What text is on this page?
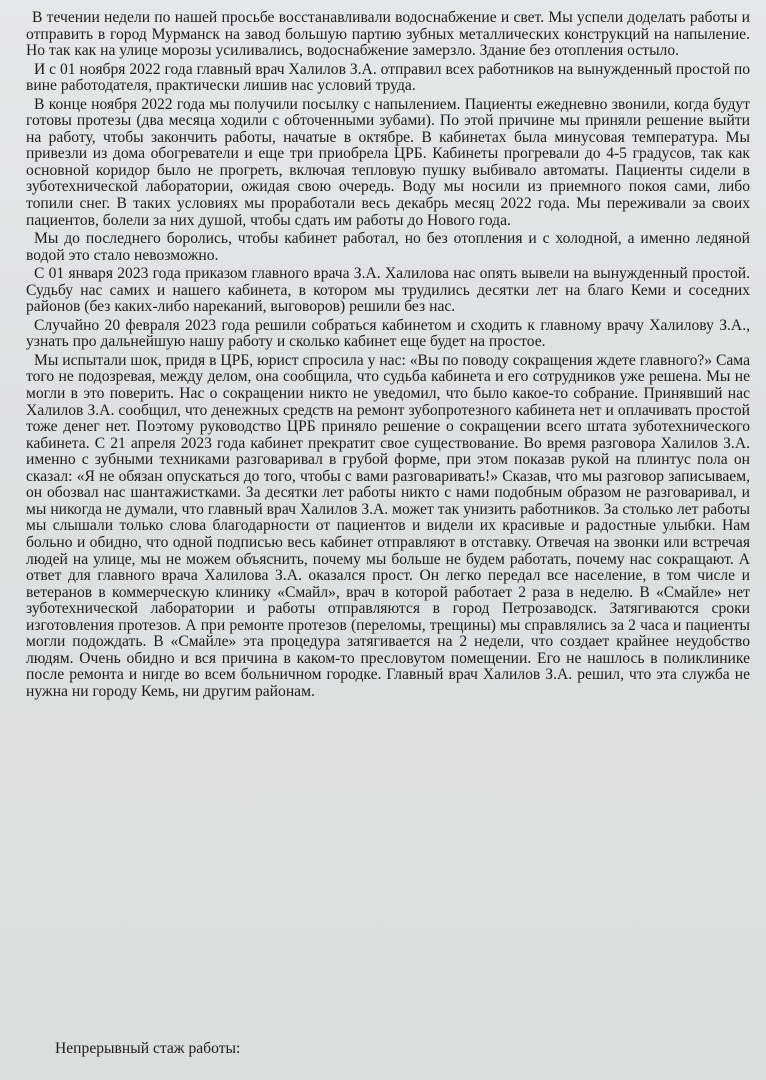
В течении недели по нашей просьбе восстанавливали водоснабжение и свет. Мы успели доделать работы и отправить в город Мурманск на завод большую партию зубных металлических конструкций на напыление. Но так как на улице морозы усиливались, водоснабжение замерзло. Здание без отопления остыло.

И с 01 ноября 2022 года главный врач Халилов З.А. отправил всех работников на вынужденный простой по вине работодателя, практически лишив нас условий труда.

В конце ноября 2022 года мы получили посылку с напылением. Пациенты ежедневно звонили, когда будут готовы протезы (два месяца ходили с обточенными зубами). По этой причине мы приняли решение выйти на работу, чтобы закончить работы, начатые в октябре. В кабинетах была минусовая температура. Мы привезли из дома обогреватели и еще три приобрела ЦРБ. Кабинеты прогревали до 4-5 градусов, так как основной коридор было не прогреть, включая тепловую пушку выбивало автоматы. Пациенты сидели в зуботехнической лаборатории, ожидая свою очередь. Воду мы носили из приемного покоя сами, либо топили снег. В таких условиях мы проработали весь декабрь месяц 2022 года. Мы переживали за своих пациентов, болели за них душой, чтобы сдать им работы до Нового года.

Мы до последнего боролись, чтобы кабинет работал, но без отопления и с холодной, а именно ледяной водой это стало невозможно.

С 01 января 2023 года приказом главного врача З.А. Халилова нас опять вывели на вынужденный простой. Судьбу нас самих и нашего кабинета, в котором мы трудились десятки лет на благо Кеми и соседних районов (без каких-либо нареканий, выговоров) решили без нас.

Случайно 20 февраля 2023 года решили собраться кабинетом и сходить к главному врачу Халилову З.А., узнать про дальнейшую нашу работу и сколько кабинет еще будет на простое.

Мы испытали шок, придя в ЦРБ, юрист спросила у нас: «Вы по поводу сокращения ждете главного?» Сама того не подозревая, между делом, она сообщила, что судьба кабинета и его сотрудников уже решена. Мы не могли в это поверить. Нас о сокращении никто не уведомил, что было какое-то собрание. Принявший нас Халилов З.А. сообщил, что денежных средств на ремонт зубопротезного кабинета нет и оплачивать простой тоже денег нет. Поэтому руководство ЦРБ приняло решение о сокращении всего штата зуботехнического кабинета. С 21 апреля 2023 года кабинет прекратит свое существование. Во время разговора Халилов З.А. именно с зубными техниками разговаривал в грубой форме, при этом показав рукой на плинтус пола он сказал: «Я не обязан опускаться до того, чтобы с вами разговаривать!» Сказав, что мы разговор записываем, он обозвал нас шантажистками. За десятки лет работы никто с нами подобным образом не разговаривал, и мы никогда не думали, что главный врач Халилов З.А. может так унизить работников. За столько лет работы мы слышали только слова благодарности от пациентов и видели их красивые и радостные улыбки. Нам больно и обидно, что одной подписью весь кабинет отправляют в отставку. Отвечая на звонки или встречая людей на улице, мы не можем объяснить, почему мы больше не будем работать, почему нас сокращают. А ответ для главного врача Халилова З.А. оказался прост. Он легко передал все население, в том числе и ветеранов в коммерческую клинику «Смайл», врач в которой работает 2 раза в неделю. В «Смайле» нет зуботехнической лаборатории и работы отправляются в город Петрозаводск. Затягиваются сроки изготовления протезов. А при ремонте протезов (переломы, трещины) мы справлялись за 2 часа и пациенты могли подождать. В «Смайле» эта процедура затягивается на 2 недели, что создает крайнее неудобство людям. Очень обидно и вся причина в каком-то пресловутом помещении. Его не нашлось в поликлинике после ремонта и нигде во всем больничном городке. Главный врач Халилов З.А. решил, что эта служба не нужна ни городу Кемь, ни другим районам.

Непрерывный стаж работы:
